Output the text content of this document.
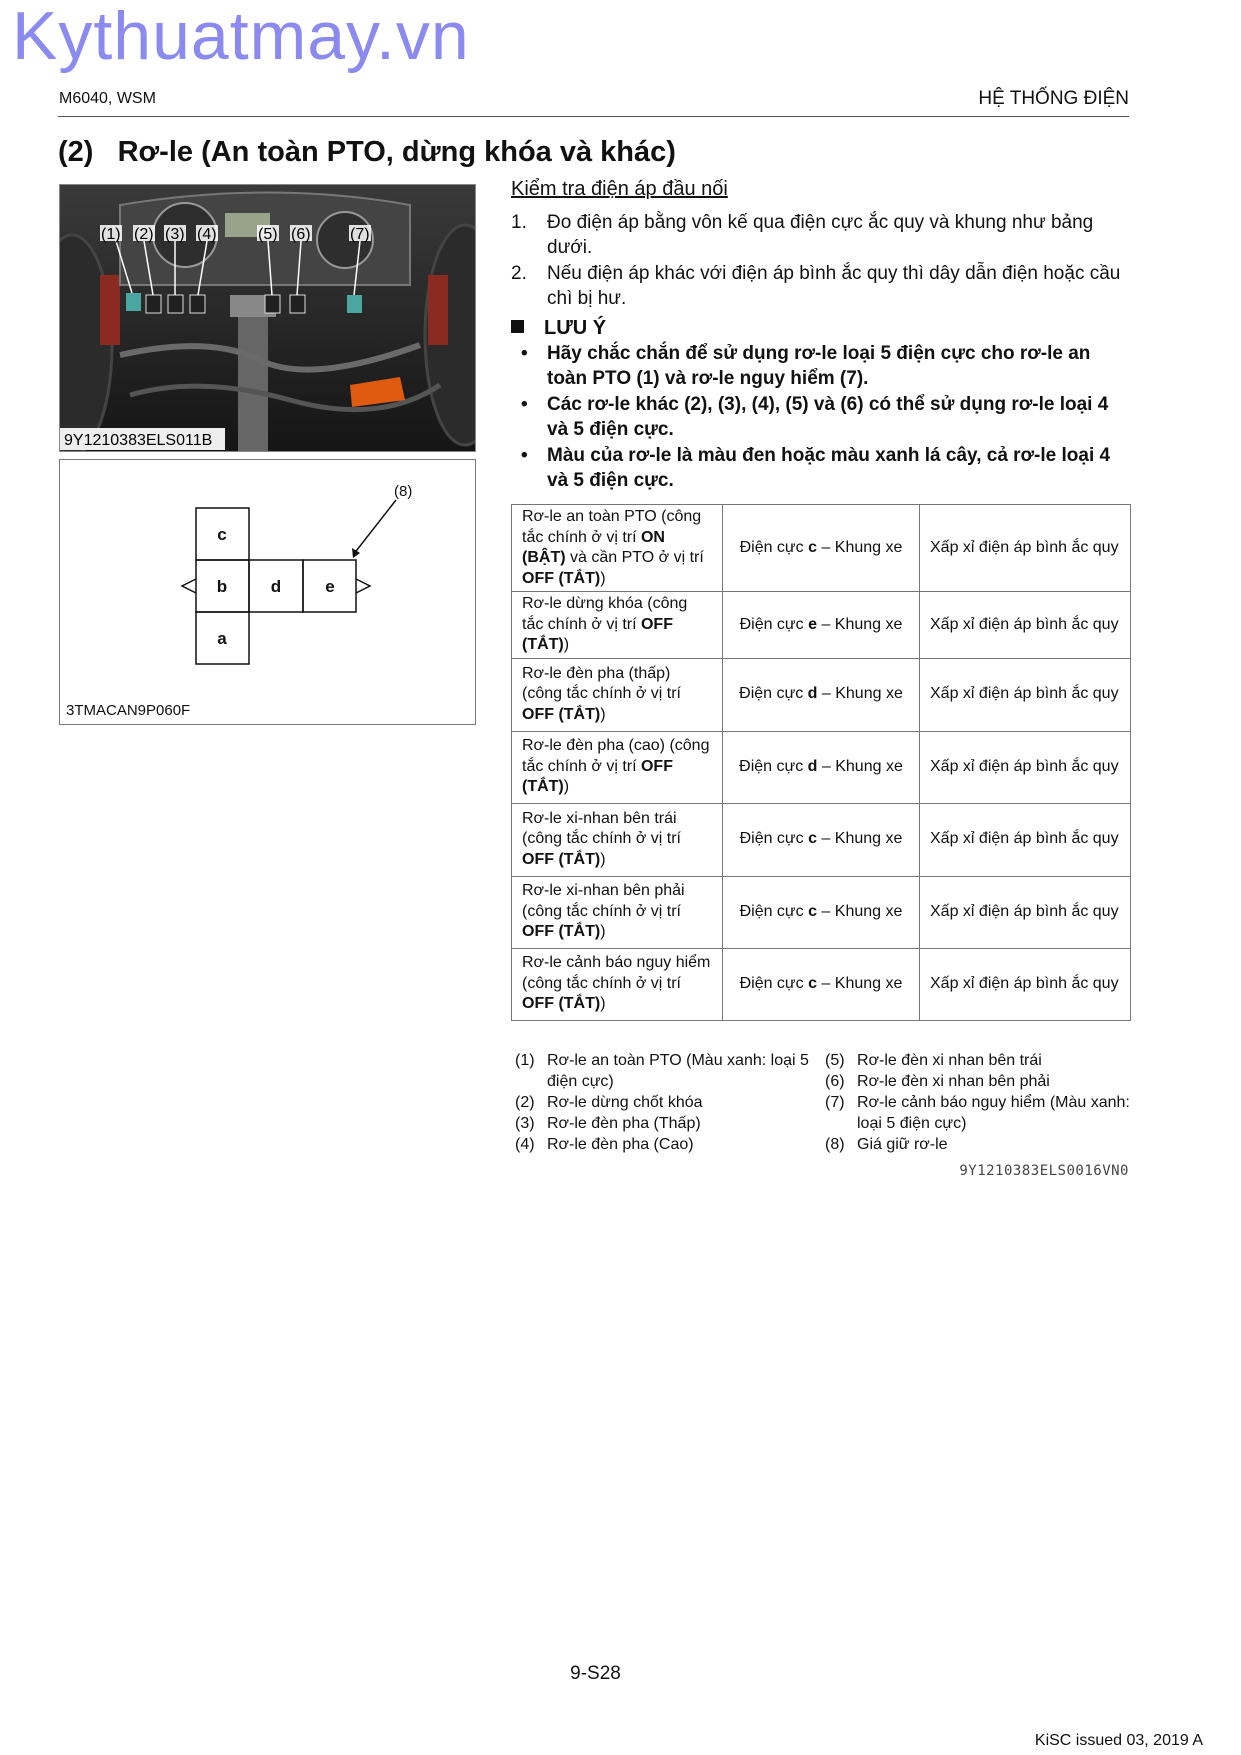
Kythuatmay.vn
M6040, WSM	HỆ THỐNG ĐIỆN
(2)   Rơ-le (An toàn PTO, dừng khóa và khác)
(1) (2) (3) (4)	(5) (6) (7)
9Y1210383ELS011B
c
b
a
d	e
(8)
3TMACAN9P060F
Kiểm tra điện áp đầu nối
1. Đo điện áp bằng vôn kế qua điện cực ắc quy và khung như bảng dưới.
2. Nếu điện áp khác với điện áp bình ắc quy thì dây dẫn điện hoặc cầu chì bị hư.
LƯU Ý
• Hãy chắc chắn để sử dụng rơ-le loại 5 điện cực cho rơ-le an toàn PTO (1) và rơ-le nguy hiểm (7).
• Các rơ-le khác (2), (3), (4), (5) và (6) có thể sử dụng rơ-le loại 4 và 5 điện cực.
• Màu của rơ-le là màu đen hoặc màu xanh lá cây, cả rơ-le loại 4 và 5 điện cực.
Rơ-le an toàn PTO (công tắc chính ở vị trí ON (BẬT) và cần PTO ở vị trí OFF (TẮT))	Điện cực c – Khung xe	Xấp xỉ điện áp bình ắc quy
Rơ-le dừng khóa (công tắc chính ở vị trí OFF (TẮT))	Điện cực e – Khung xe	Xấp xỉ điện áp bình ắc quy
Rơ-le đèn pha (thấp) (công tắc chính ở vị trí OFF (TẮT))	Điện cực d – Khung xe	Xấp xỉ điện áp bình ắc quy
Rơ-le đèn pha (cao) (công tắc chính ở vị trí OFF (TẮT))	Điện cực d – Khung xe	Xấp xỉ điện áp bình ắc quy
Rơ-le xi-nhan bên trái (công tắc chính ở vị trí OFF (TẮT))	Điện cực c – Khung xe	Xấp xỉ điện áp bình ắc quy
Rơ-le xi-nhan bên phải (công tắc chính ở vị trí OFF (TẮT))	Điện cực c – Khung xe	Xấp xỉ điện áp bình ắc quy
Rơ-le cảnh báo nguy hiểm (công tắc chính ở vị trí OFF (TẮT))	Điện cực c – Khung xe	Xấp xỉ điện áp bình ắc quy
(1) Rơ-le an toàn PTO (Màu xanh: loại 5 điện cực)
(2) Rơ-le dừng chốt khóa
(3) Rơ-le đèn pha (Thấp)
(4) Rơ-le đèn pha (Cao)
(5) Rơ-le đèn xi nhan bên trái
(6) Rơ-le đèn xi nhan bên phải
(7) Rơ-le cảnh báo nguy hiểm (Màu xanh: loại 5 điện cực)
(8) Giá giữ rơ-le
9Y1210383ELS0016VN0
9-S28
KiSC issued 03, 2019 A
